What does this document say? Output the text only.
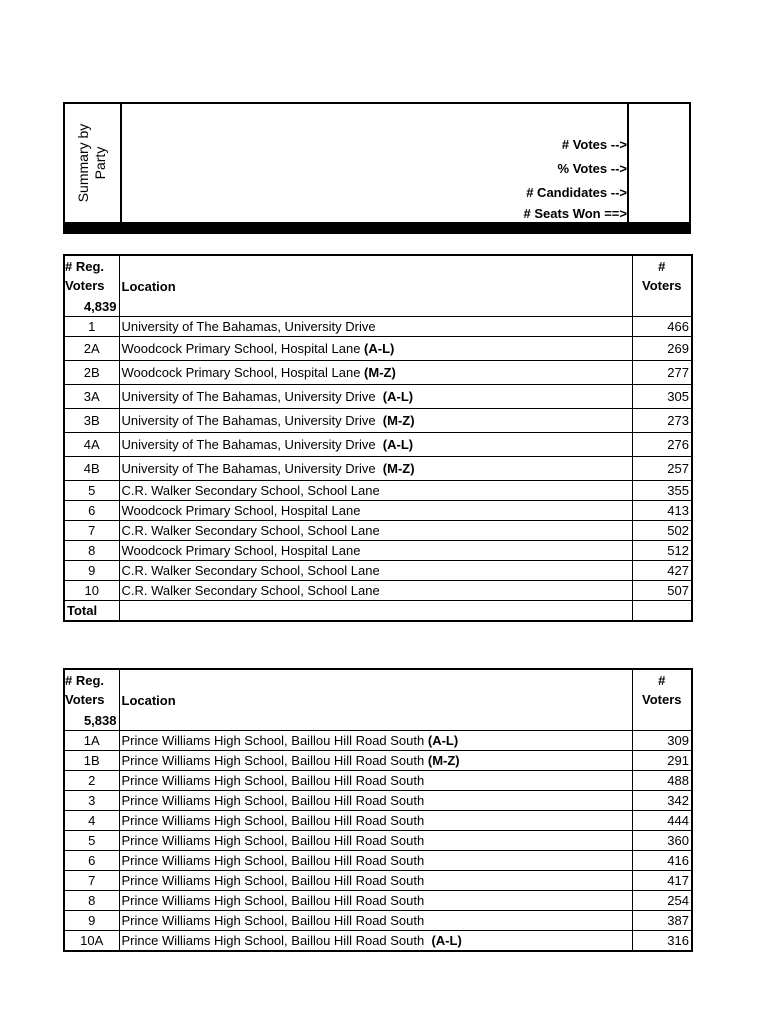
Summary by Party
# Votes -->
% Votes -->
# Candidates -->
# Seats Won ==>
# Reg.
Voters
4,839	Location	#
Voters

1	University of The Bahamas, University Drive	466
2A	Woodcock Primary School, Hospital Lane (A-L)	269
2B	Woodcock Primary School, Hospital Lane (M-Z)	277
3A	University of The Bahamas, University Drive  (A-L)	305
3B	University of The Bahamas, University Drive  (M-Z)	273
4A	University of The Bahamas, University Drive  (A-L)	276
4B	University of The Bahamas, University Drive  (M-Z)	257
5	C.R. Walker Secondary School, School Lane	355
6	Woodcock Primary School, Hospital Lane	413
7	C.R. Walker Secondary School, School Lane	502
8	Woodcock Primary School, Hospital Lane	512
9	C.R. Walker Secondary School, School Lane	427
10	C.R. Walker Secondary School, School Lane	507
Total		
# Reg.
Voters
5,838	Location	#
Voters

1A	Prince Williams High School, Baillou Hill Road South (A-L)	309
1B	Prince Williams High School, Baillou Hill Road South (M-Z)	291
2	Prince Williams High School, Baillou Hill Road South	488
3	Prince Williams High School, Baillou Hill Road South	342
4	Prince Williams High School, Baillou Hill Road South	444
5	Prince Williams High School, Baillou Hill Road South	360
6	Prince Williams High School, Baillou Hill Road South	416
7	Prince Williams High School, Baillou Hill Road South	417
8	Prince Williams High School, Baillou Hill Road South	254
9	Prince Williams High School, Baillou Hill Road South	387
10A	Prince Williams High School, Baillou Hill Road South  (A-L)	316
